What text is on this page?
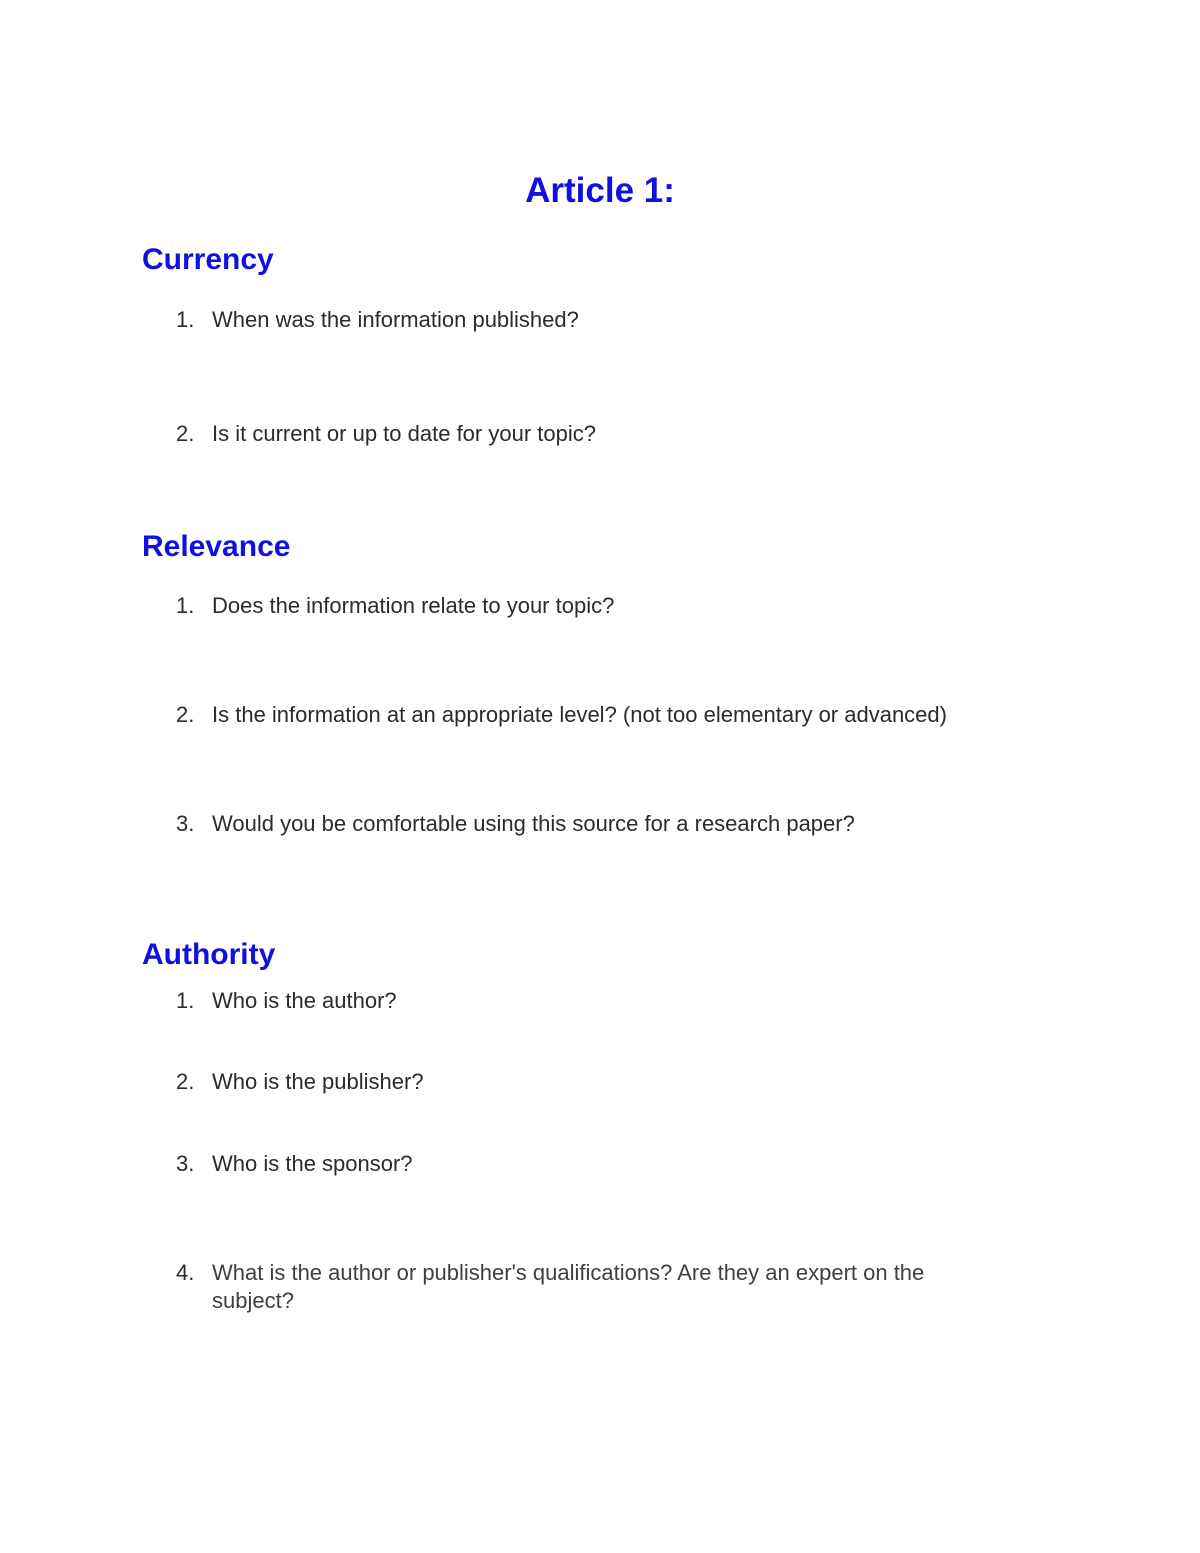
Article 1:
Currency
1. When was the information published?
2. Is it current or up to date for your topic?
Relevance
1. Does the information relate to your topic?
2. Is the information at an appropriate level? (not too elementary or advanced)
3. Would you be comfortable using this source for a research paper?
Authority
1. Who is the author?
2. Who is the publisher?
3. Who is the sponsor?
4. What is the author or publisher's qualifications? Are they an expert on the subject?
